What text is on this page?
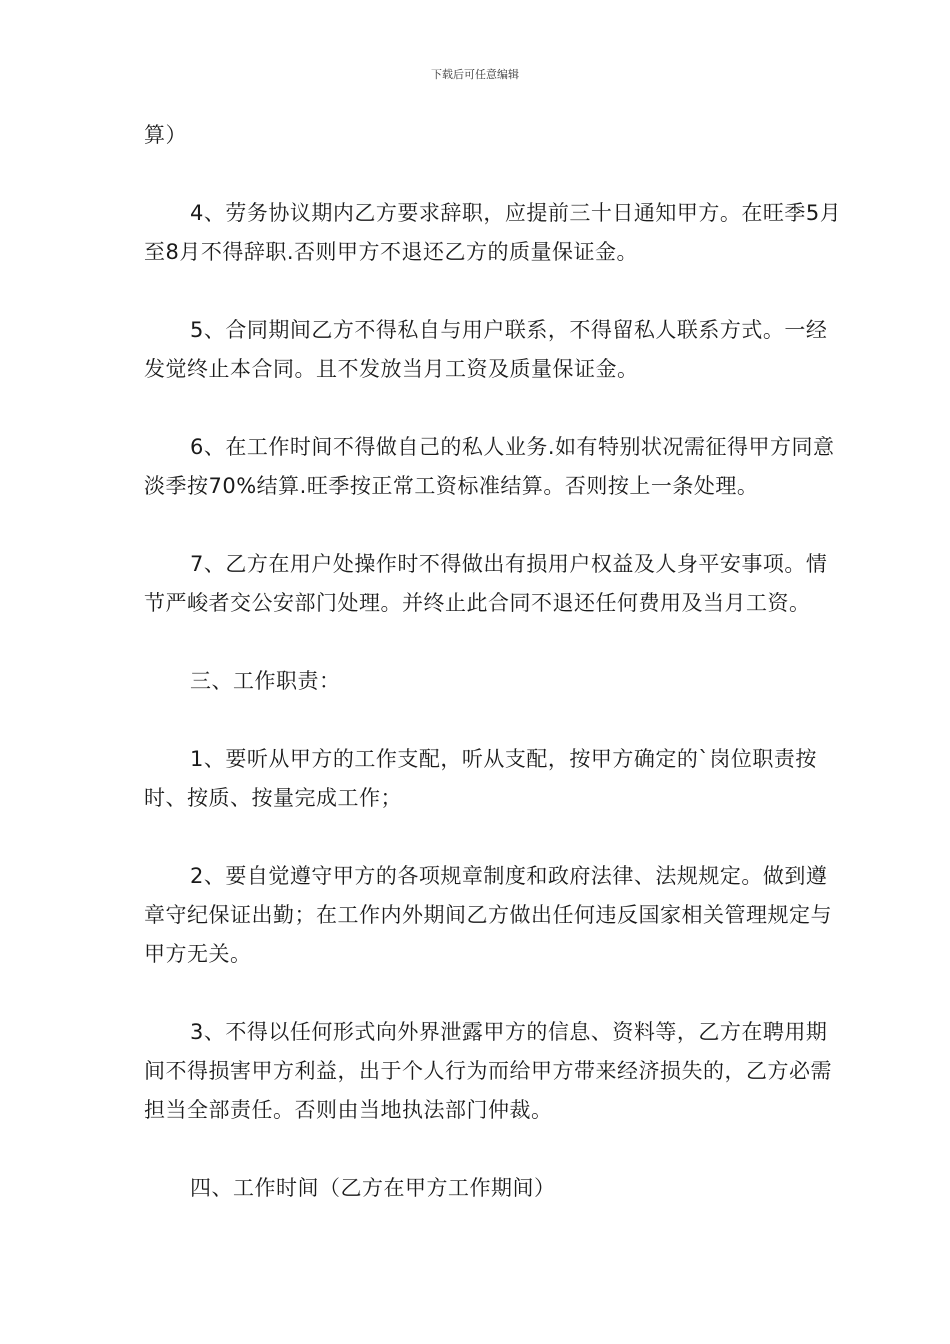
下载后可任意编辑

算）

4、劳务协议期内乙方要求辞职，应提前三十日通知甲方。在旺季5月至8月不得辞职.否则甲方不退还乙方的质量保证金。

5、合同期间乙方不得私自与用户联系，不得留私人联系方式。一经发觉终止本合同。且不发放当月工资及质量保证金。

6、在工作时间不得做自己的私人业务.如有特别状况需征得甲方同意淡季按70%结算.旺季按正常工资标准结算。否则按上一条处理。

7、乙方在用户处操作时不得做出有损用户权益及人身平安事项。情节严峻者交公安部门处理。并终止此合同不退还任何费用及当月工资。

三、工作职责：

1、要听从甲方的工作支配，听从支配，按甲方确定的`岗位职责按时、按质、按量完成工作；

2、要自觉遵守甲方的各项规章制度和政府法律、法规规定。做到遵章守纪保证出勤；在工作内外期间乙方做出任何违反国家相关管理规定与甲方无关。

3、不得以任何形式向外界泄露甲方的信息、资料等，乙方在聘用期间不得损害甲方利益，出于个人行为而给甲方带来经济损失的，乙方必需担当全部责任。否则由当地执法部门仲裁。

四、工作时间（乙方在甲方工作期间）
